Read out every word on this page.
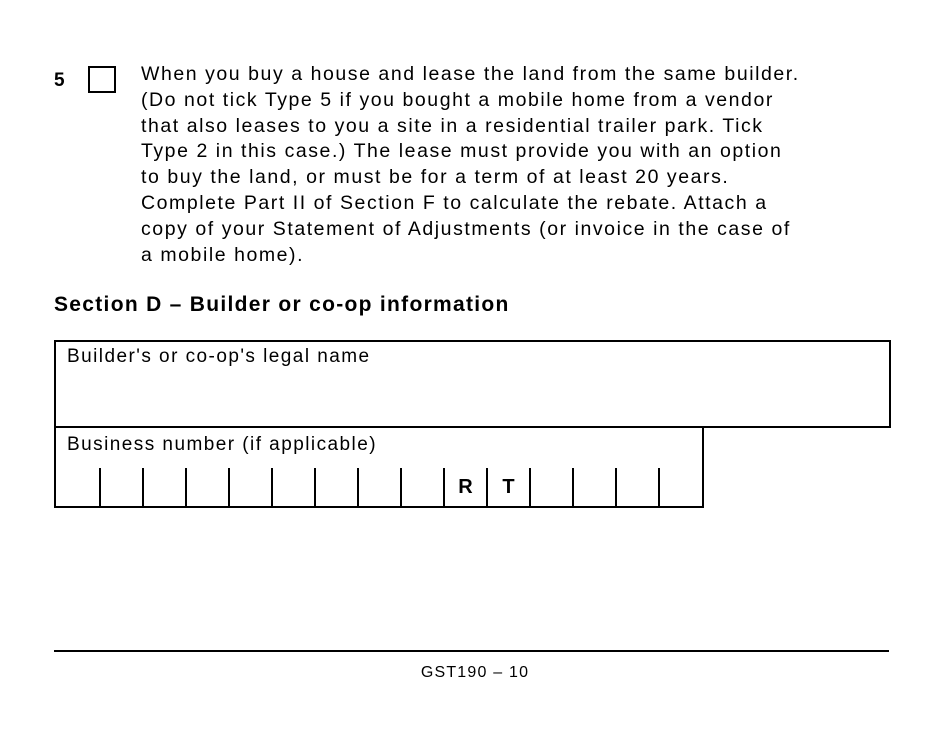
5	When you buy a house and lease the land from the same builder.
(Do not tick Type 5 if you bought a mobile home from a vendor
that also leases to you a site in a residential trailer park. Tick
Type 2 in this case.) The lease must provide you with an option
to buy the land, or must be for a term of at least 20 years.
Complete Part II of Section F to calculate the rebate. Attach a
copy of your Statement of Adjustments (or invoice in the case of
a mobile home).

Section D – Builder or co-op information

Builder's or co-op's legal name

Business number (if applicable)

R	T
GST190 – 10
